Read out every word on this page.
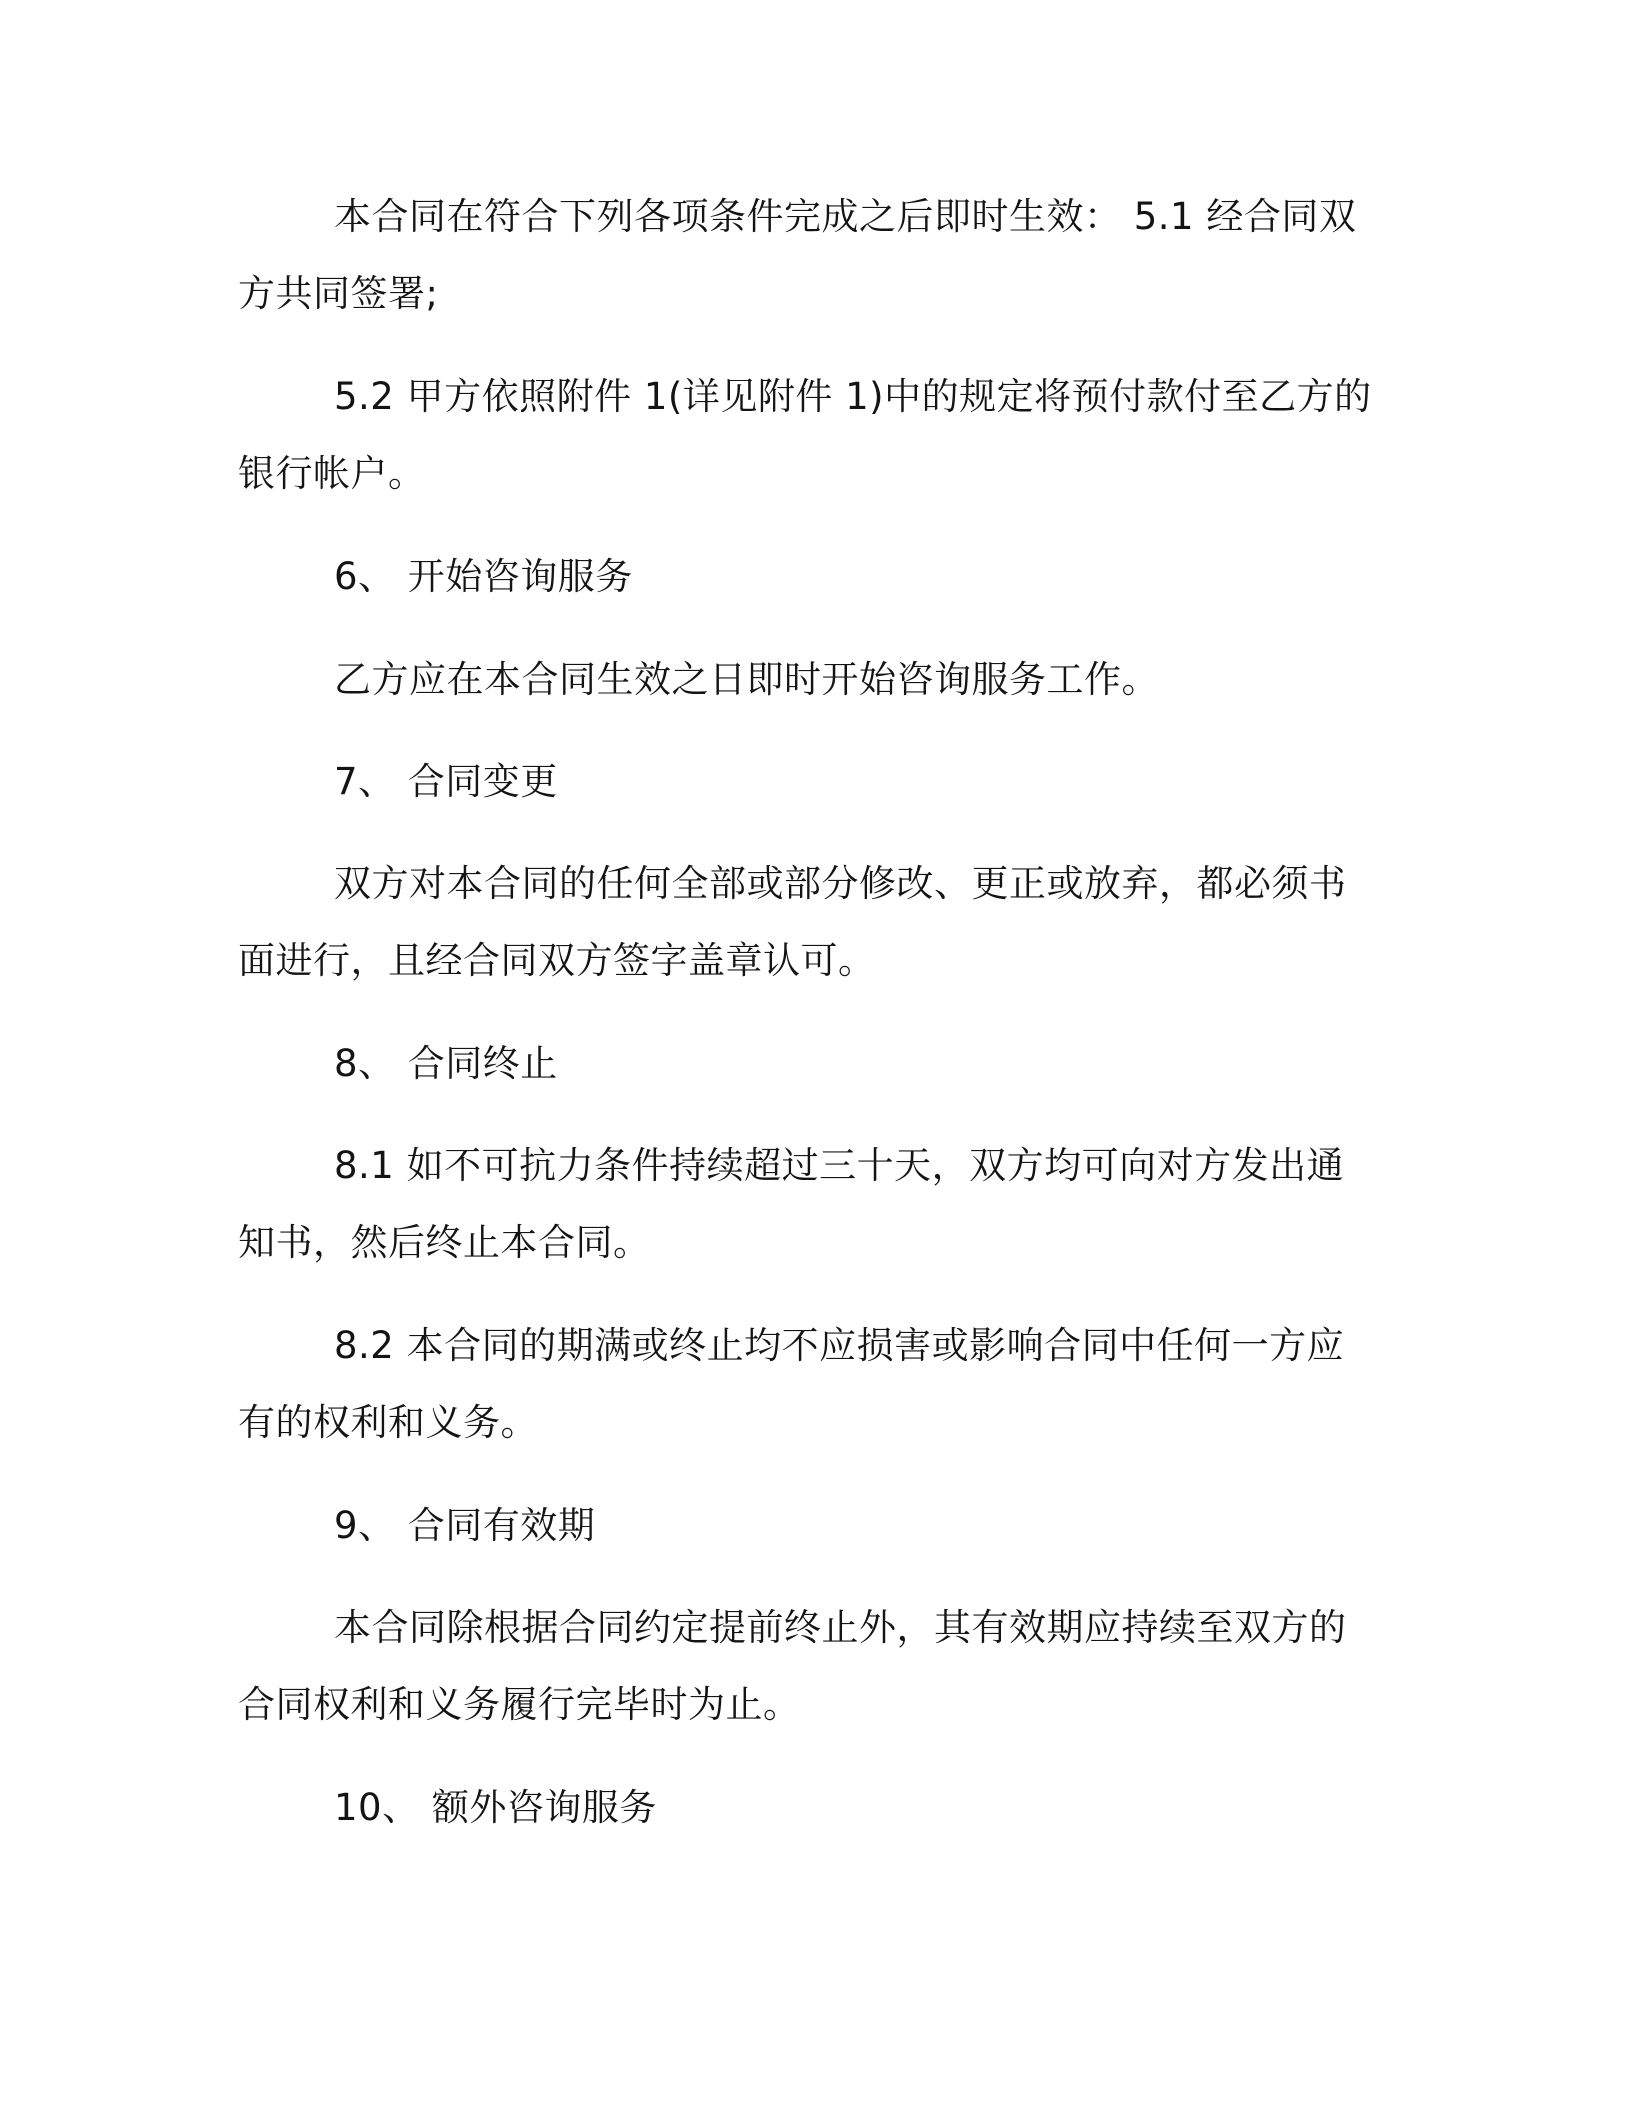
本合同在符合下列各项条件完成之后即时生效： 5.1 经合同双方共同签署;

5.2 甲方依照附件 1(详见附件 1)中的规定将预付款付至乙方的银行帐户。

6、 开始咨询服务

乙方应在本合同生效之日即时开始咨询服务工作。

7、 合同变更

双方对本合同的任何全部或部分修改、更正或放弃，都必须书面进行，且经合同双方签字盖章认可。

8、 合同终止

8.1 如不可抗力条件持续超过三十天，双方均可向对方发出通知书，然后终止本合同。

8.2 本合同的期满或终止均不应损害或影响合同中任何一方应有的权利和义务。

9、 合同有效期

本合同除根据合同约定提前终止外，其有效期应持续至双方的合同权利和义务履行完毕时为止。

10、 额外咨询服务
